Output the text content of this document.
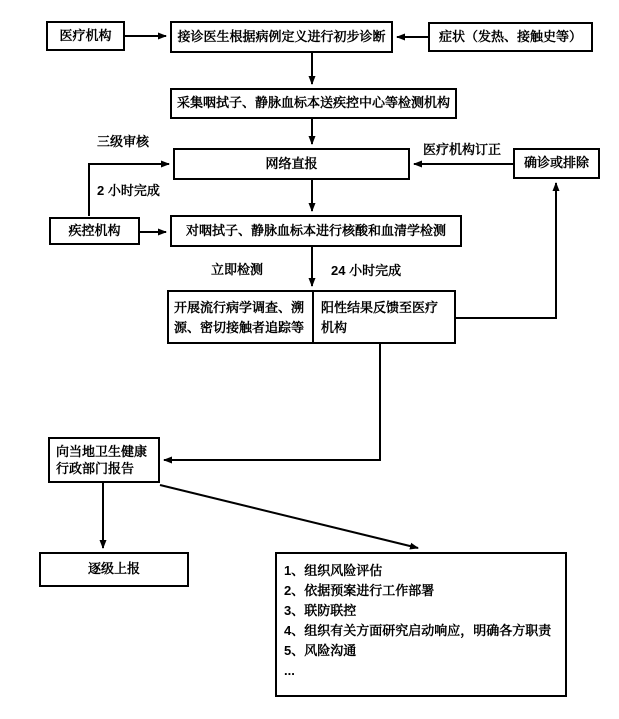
医疗机构	接诊医生根据病例定义进行初步诊断	症状（发热、接触史等）
采集咽拭子、静脉血标本送疾控中心等检测机构
网络直报	确诊或排除
疾控机构	对咽拭子、静脉血标本进行核酸和血清学检测
开展流行病学调查、溯源、密切接触者追踪等
阳性结果反馈至医疗机构
向当地卫生健康行政部门报告
逐级上报	1、组织风险评估
2、依据预案进行工作部署
3、联防联控
4、组织有关方面研究启动响应，明确各方职责
5、风险沟通
...
三级审核
2 小时完成
医疗机构订正
立即检测	24 小时完成
